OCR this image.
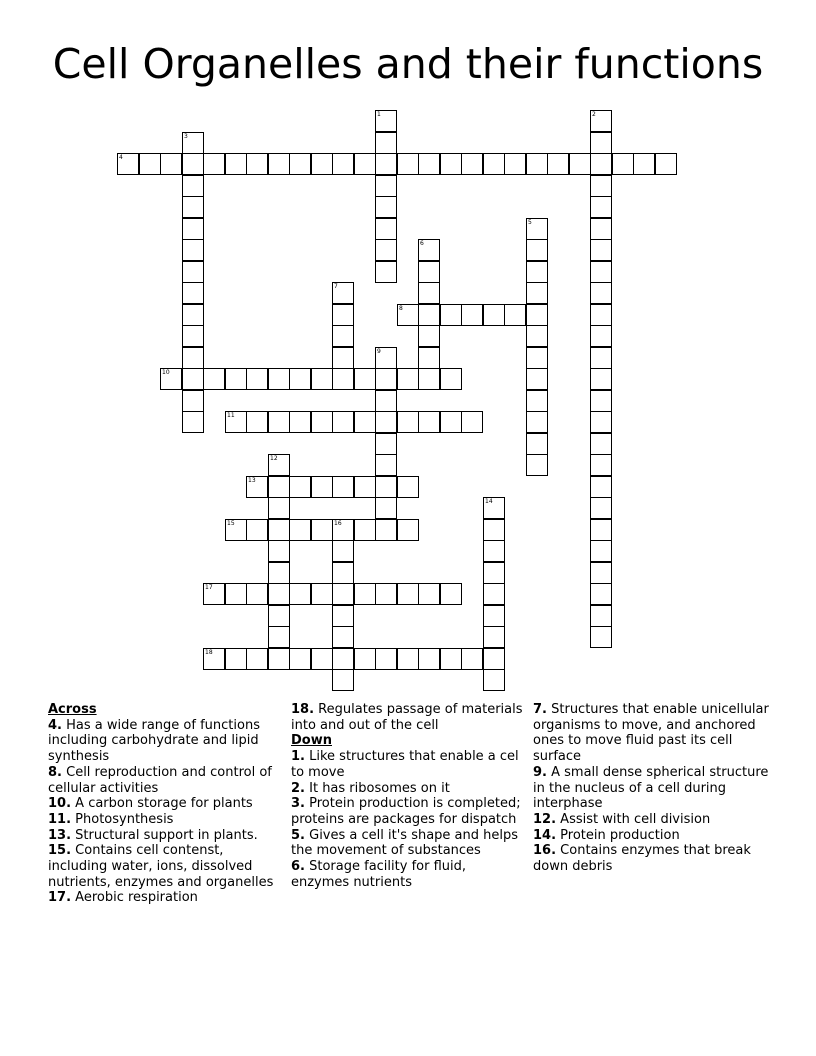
Cell Organelles and their functions
4
8
10
11
13
15	16
17
18
1	2
3
5
6
7
9
12
14
Across

4. Has a wide range of functions including carbohydrate and lipid synthesis

8. Cell reproduction and control of cellular activities

10. A carbon storage for plants

11. Photosynthesis

13. Structural support in plants.

15. Contains cell contenst, including water, ions, dissolved nutrients, enzymes and organelles

17. Aerobic respiration

18. Regulates passage of materials into and out of the cell

Down

1. Like structures that enable a cel to move

2. It has ribosomes on it

3. Protein production is completed; proteins are packages for dispatch

5. Gives a cell it's shape and helps the movement of substances

6. Storage facility for fluid, enzymes nutrients

7. Structures that enable unicellular organisms to move, and anchored ones to move fluid past its cell surface

9. A small dense spherical structure in the nucleus of a cell during interphase

12. Assist with cell division

14. Protein production

16. Contains enzymes that break down debris
